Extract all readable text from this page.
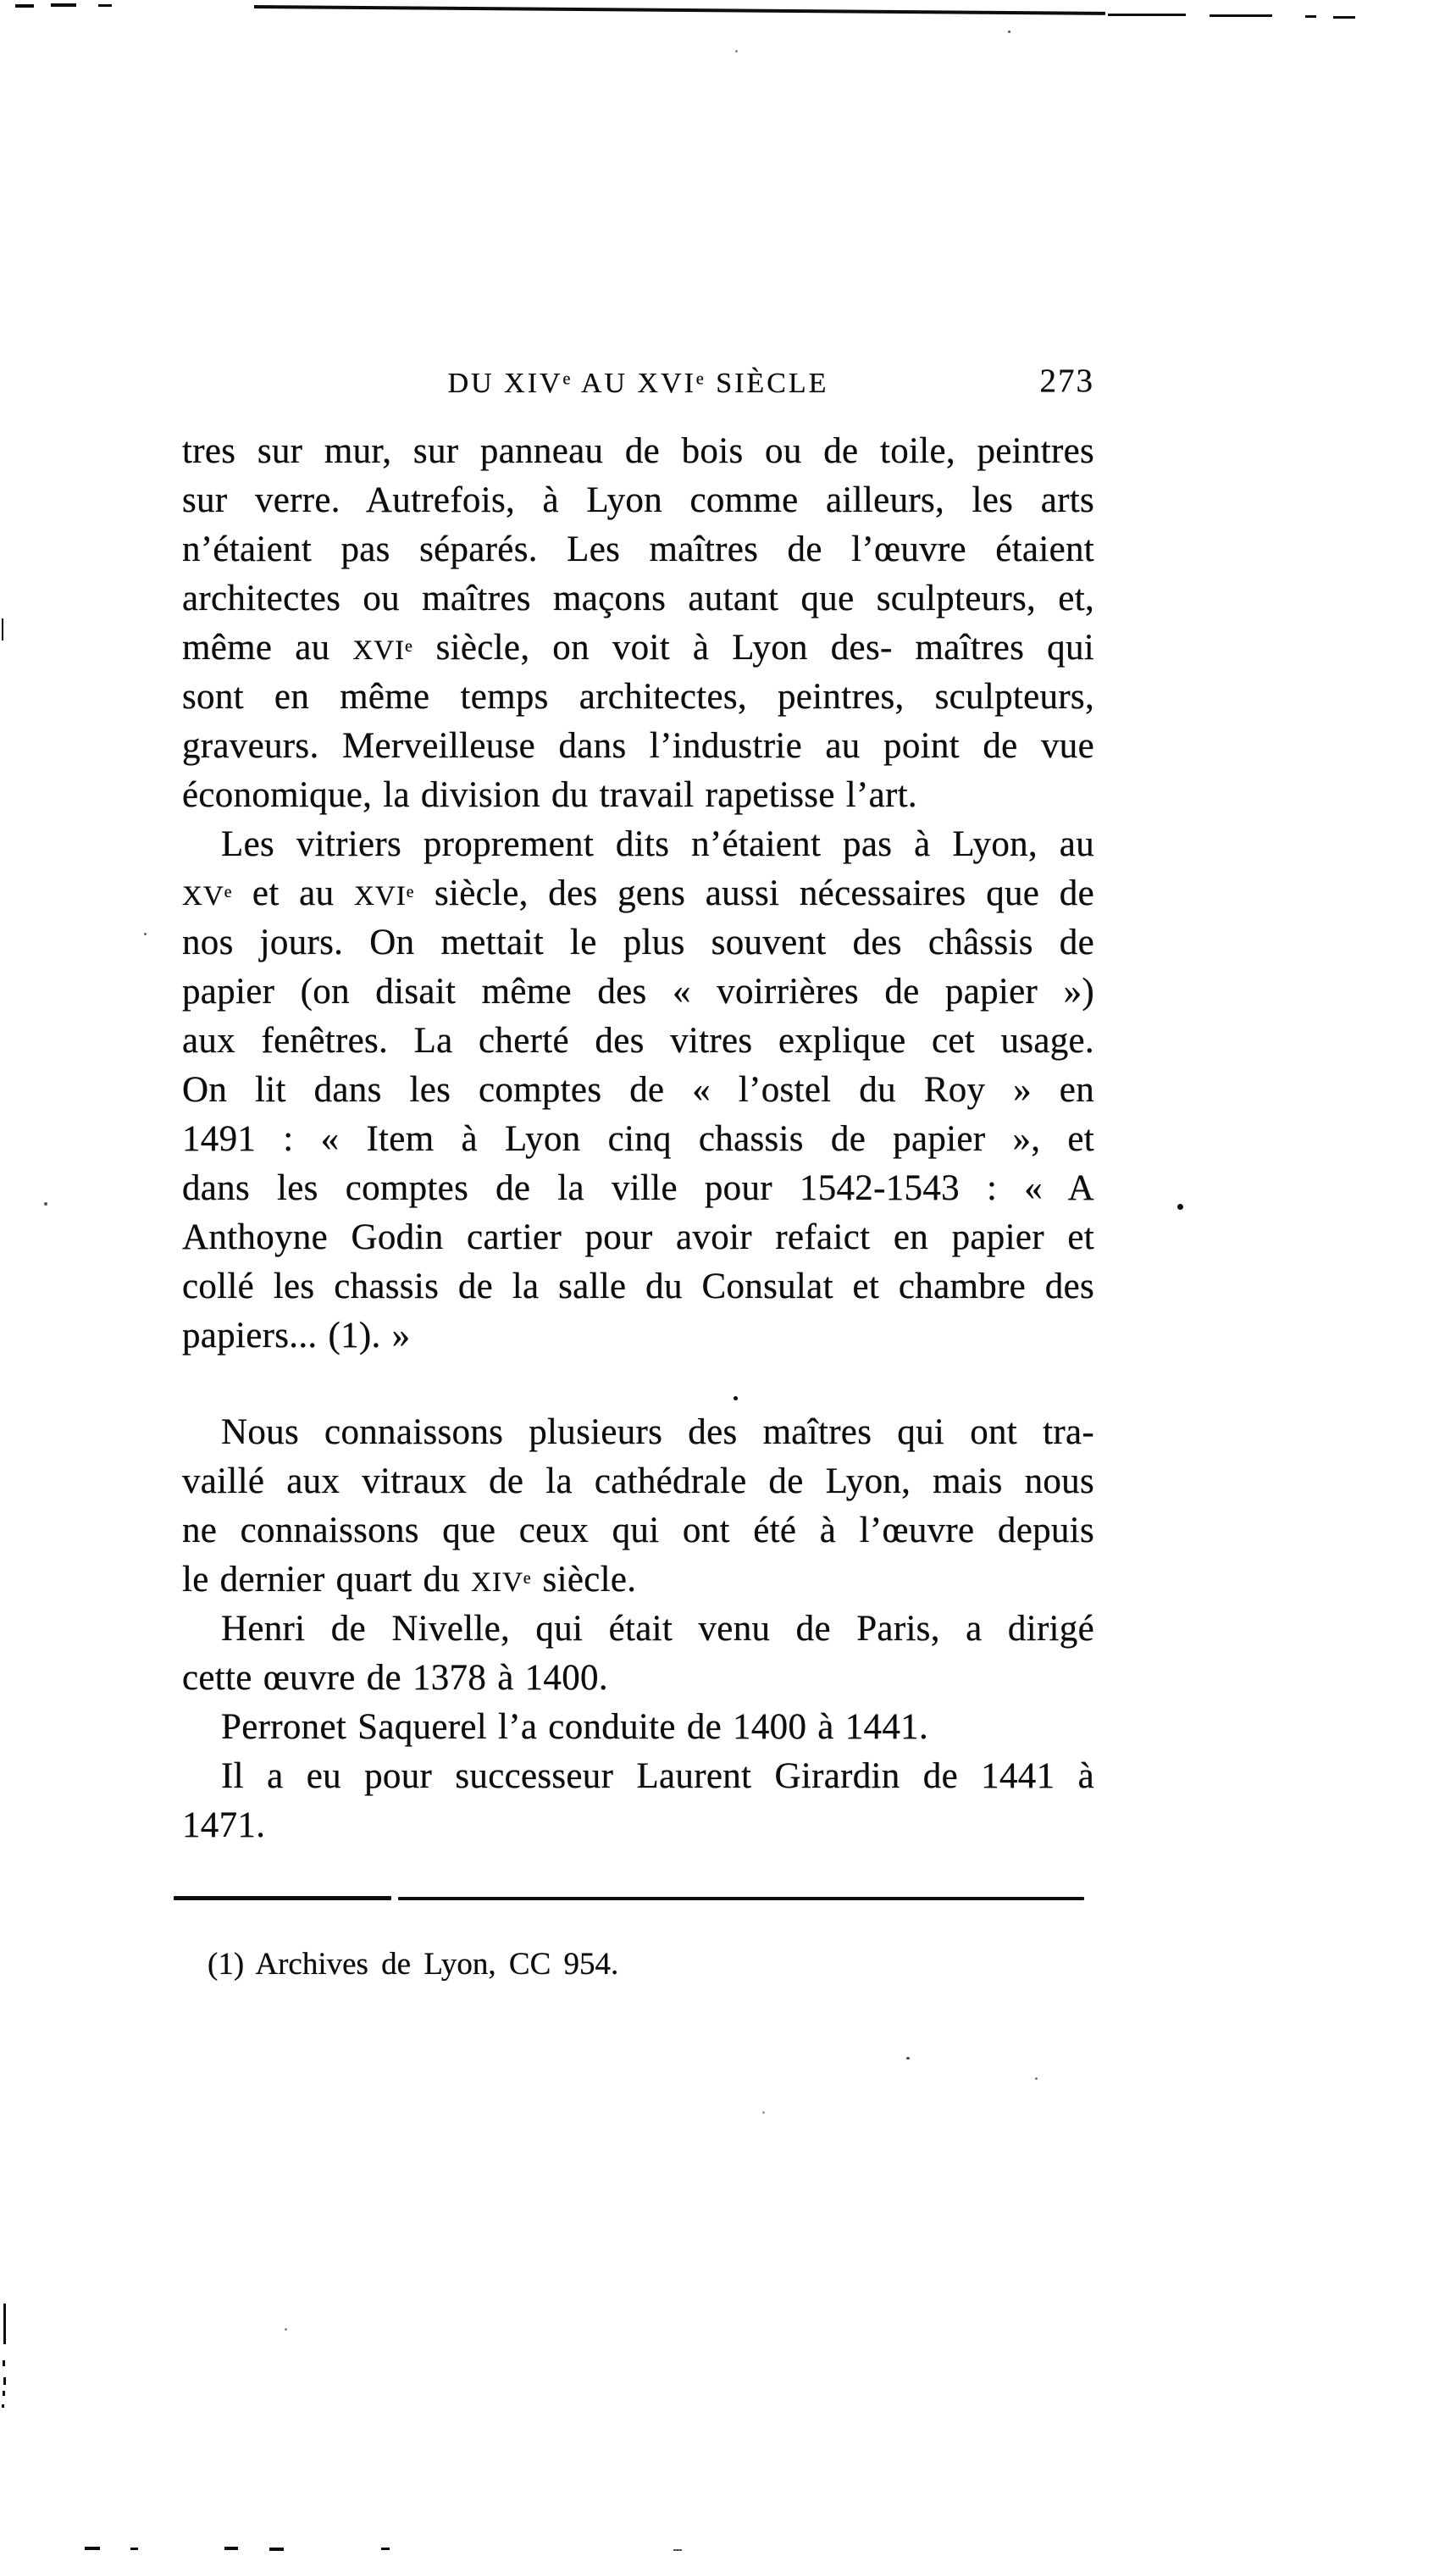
DU XIVᵉ AU XVIᵉ SIÈCLE	273
tres sur mur, sur panneau de bois ou de toile, peintres
sur verre. Autrefois, à Lyon comme ailleurs, les arts
n’étaient pas séparés. Les maîtres de l’œuvre étaient
architectes ou maîtres maçons autant que sculpteurs, et,
même au XVIᵉ siècle, on voit à Lyon des- maîtres qui
sont en même temps architectes, peintres, sculpteurs,
graveurs. Merveilleuse dans l’industrie au point de vue
économique, la division du travail rapetisse l’art.
Les vitriers proprement dits n’étaient pas à Lyon, au
XVᵉ et au XVIᵉ siècle, des gens aussi nécessaires que de
nos jours. On mettait le plus souvent des châssis de
papier (on disait même des « voirrières de papier »)
aux fenêtres. La cherté des vitres explique cet usage.
On lit dans les comptes de « l’ostel du Roy » en
1491 : « Item à Lyon cinq chassis de papier », et
dans les comptes de la ville pour 1542-1543 : « A
Anthoyne Godin cartier pour avoir refaict en papier et
collé les chassis de la salle du Consulat et chambre des
papiers... (1). »
Nous connaissons plusieurs des maîtres qui ont tra-
vaillé aux vitraux de la cathédrale de Lyon, mais nous
ne connaissons que ceux qui ont été à l’œuvre depuis
le dernier quart du XIVᵉ siècle.
Henri de Nivelle, qui était venu de Paris, a dirigé
cette œuvre de 1378 à 1400.
Perronet Saquerel l’a conduite de 1400 à 1441.
Il a eu pour successeur Laurent Girardin de 1441 à
1471.
(1) Archives de Lyon, CC 954.
